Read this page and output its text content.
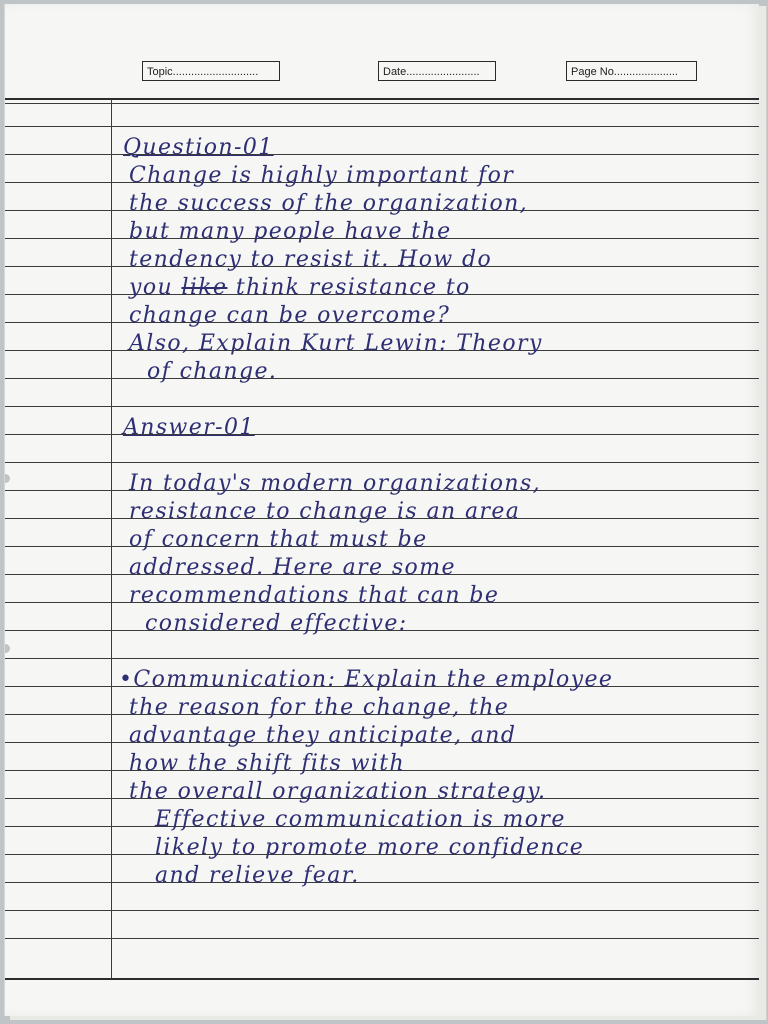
Topic............................	Date........................	Page No.....................

Question-01

Change is highly important for

the success of the organization,

but many people have the

tendency to resist it. How do

you like think resistance to

change can be overcome?

Also, Explain Kurt Lewin: Theory

of change.

Answer-01

In today's modern organizations,

resistance to change is an area

of concern that must be

addressed. Here are some

recommendations that can be

considered effective:

•Communication: Explain the employee

the reason for the change, the

advantage they anticipate, and

how the shift fits with

the overall organization strategy.

Effective communication is more

likely to promote more confidence

and relieve fear.
